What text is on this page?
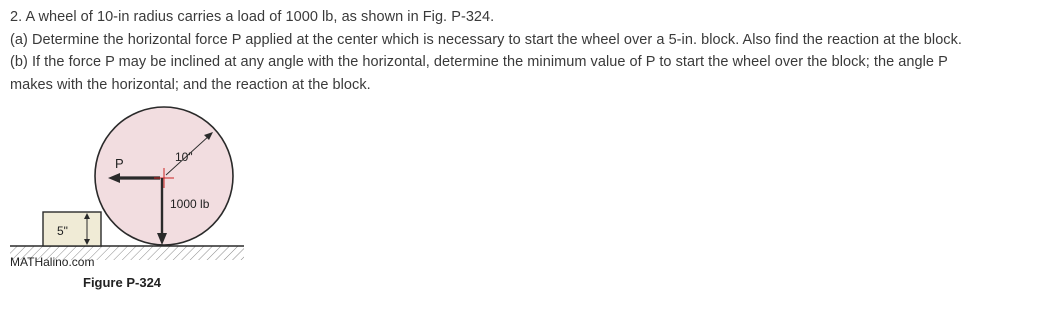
2. A wheel of 10-in radius carries a load of 1000 lb, as shown in Fig. P-324.

(a) Determine the horizontal force P applied at the center which is necessary to start the wheel over a 5-in. block. Also find the reaction at the block.

(b) If the force P may be inclined at any angle with the horizontal, determine the minimum value of P to start the wheel over the block; the angle P

makes with the horizontal; and the reaction at the block.

5"
P
1000 lb
10"
MATHalino.com
Figure P-324
